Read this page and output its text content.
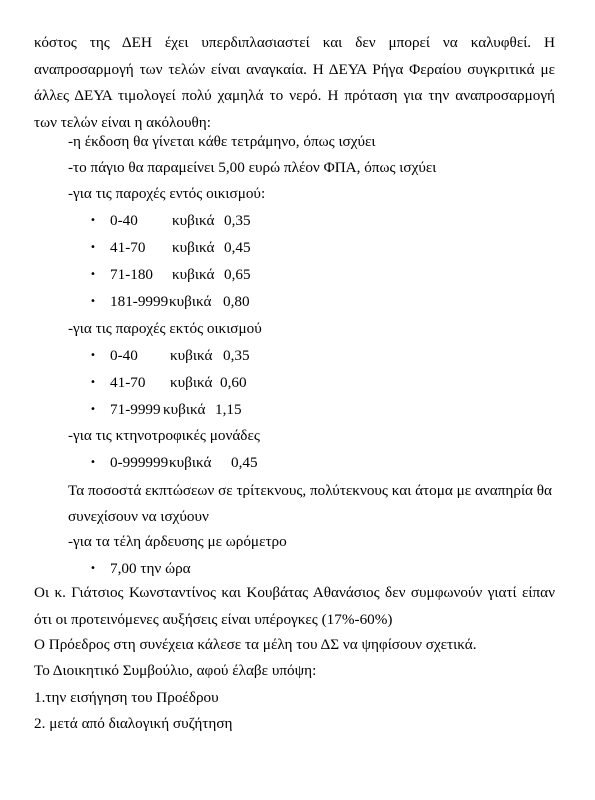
κόστος της ΔΕΗ έχει υπερδιπλασιαστεί και δεν μπορεί να καλυφθεί. Η αναπροσαρμογή των τελών είναι αναγκαία. Η ΔΕΥΑ Ρήγα Φεραίου συγκριτικά με άλλες ΔΕΥΑ τιμολογεί πολύ χαμηλά το νερό. Η πρόταση για την αναπροσαρμογή των τελών είναι η ακόλουθη:
-η έκδοση θα γίνεται κάθε τετράμηνο, όπως ισχύει
-το πάγιο θα παραμείνει 5,00 ευρώ πλέον ΦΠΑ, όπως ισχύει
-για τις παροχές εντός οικισμού:
• 0-40 κυβικά 0,35
• 41-70 κυβικά 0,45
• 71-180 κυβικά 0,65
• 181-9999 κυβικά 0,80
-για τις παροχές εκτός οικισμού
• 0-40 κυβικά 0,35
• 41-70 κυβικά 0,60
• 71-9999 κυβικά 1,15
-για τις κτηνοτροφικές μονάδες
• 0-999999 κυβικά 0,45
Τα ποσοστά εκπτώσεων σε τρίτεκνους, πολύτεκνους και άτομα με αναπηρία θα συνεχίσουν να ισχύουν
-για τα τέλη άρδευσης με ωρόμετρο
• 7,00 την ώρα
Οι κ. Γιάτσιος Κωνσταντίνος και Κουβάτας Αθανάσιος δεν συμφωνούν γιατί είπαν ότι οι προτεινόμενες αυξήσεις είναι υπέρογκες (17%-60%)
Ο Πρόεδρος στη συνέχεια κάλεσε τα μέλη του ΔΣ να ψηφίσουν σχετικά.
Το Διοικητικό Συμβούλιο, αφού έλαβε υπόψη:
1.την εισήγηση του Προέδρου
2. μετά από διαλογική συζήτηση
